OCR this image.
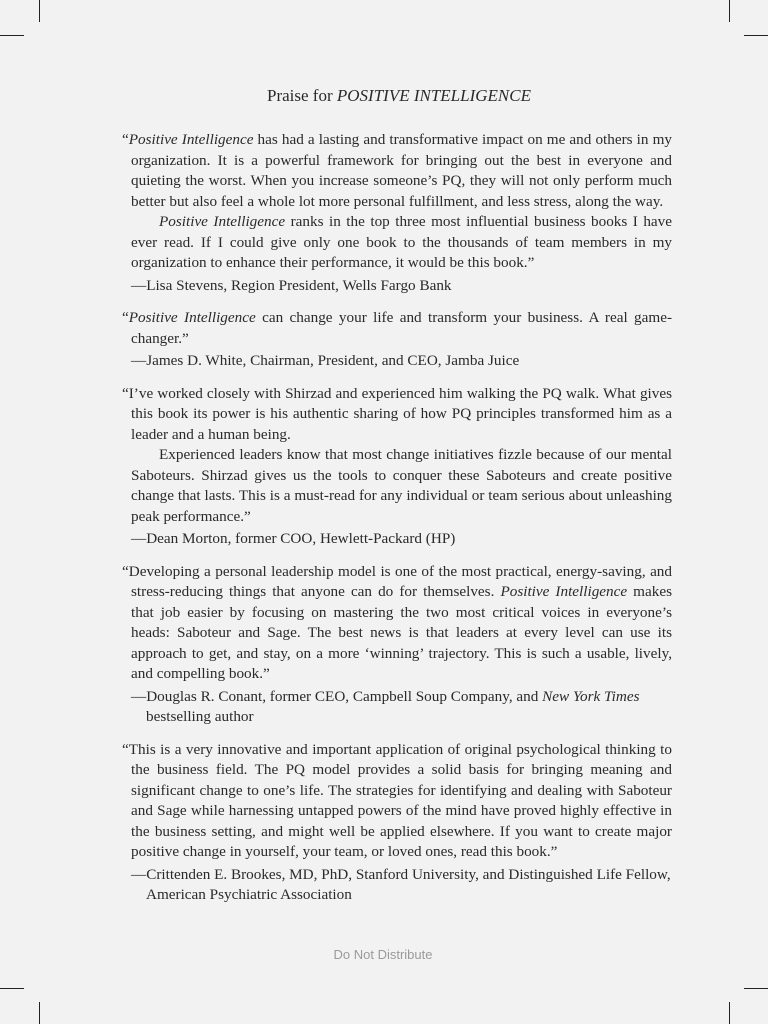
Praise for POSITIVE INTELLIGENCE

“Positive Intelligence has had a lasting and transformative impact on me and others in my organization. It is a powerful framework for bringing out the best in everyone and quieting the worst. When you increase someone’s PQ, they will not only perform much better but also feel a whole lot more personal fulfillment, and less stress, along the way.

Positive Intelligence ranks in the top three most influential business books I have ever read. If I could give only one book to the thousands of team members in my organization to enhance their performance, it would be this book.”

—Lisa Stevens, Region President, Wells Fargo Bank

“Positive Intelligence can change your life and transform your business. A real game-changer.”

—James D. White, Chairman, President, and CEO, Jamba Juice

“I’ve worked closely with Shirzad and experienced him walking the PQ walk. What gives this book its power is his authentic sharing of how PQ principles transformed him as a leader and a human being.

Experienced leaders know that most change initiatives fizzle because of our mental Saboteurs. Shirzad gives us the tools to conquer these Saboteurs and create positive change that lasts. This is a must-read for any individual or team serious about unleashing peak performance.”

—Dean Morton, former COO, Hewlett-Packard (HP)

“Developing a personal leadership model is one of the most practical, energy-saving, and stress-reducing things that anyone can do for themselves. Positive Intelligence makes that job easier by focusing on mastering the two most critical voices in everyone’s heads: Saboteur and Sage. The best news is that leaders at every level can use its approach to get, and stay, on a more ‘winning’ trajectory. This is such a usable, lively, and compelling book.”

—Douglas R. Conant, former CEO, Campbell Soup Company, and New York Times bestselling author

“This is a very innovative and important application of original psychological thinking to the business field. The PQ model provides a solid basis for bringing meaning and significant change to one’s life. The strategies for identifying and dealing with Saboteur and Sage while harnessing untapped powers of the mind have proved highly effective in the business setting, and might well be applied elsewhere. If you want to create major positive change in yourself, your team, or loved ones, read this book.”

—Crittenden E. Brookes, MD, PhD, Stanford University, and Distinguished Life Fellow, American Psychiatric Association

Do Not Distribute
